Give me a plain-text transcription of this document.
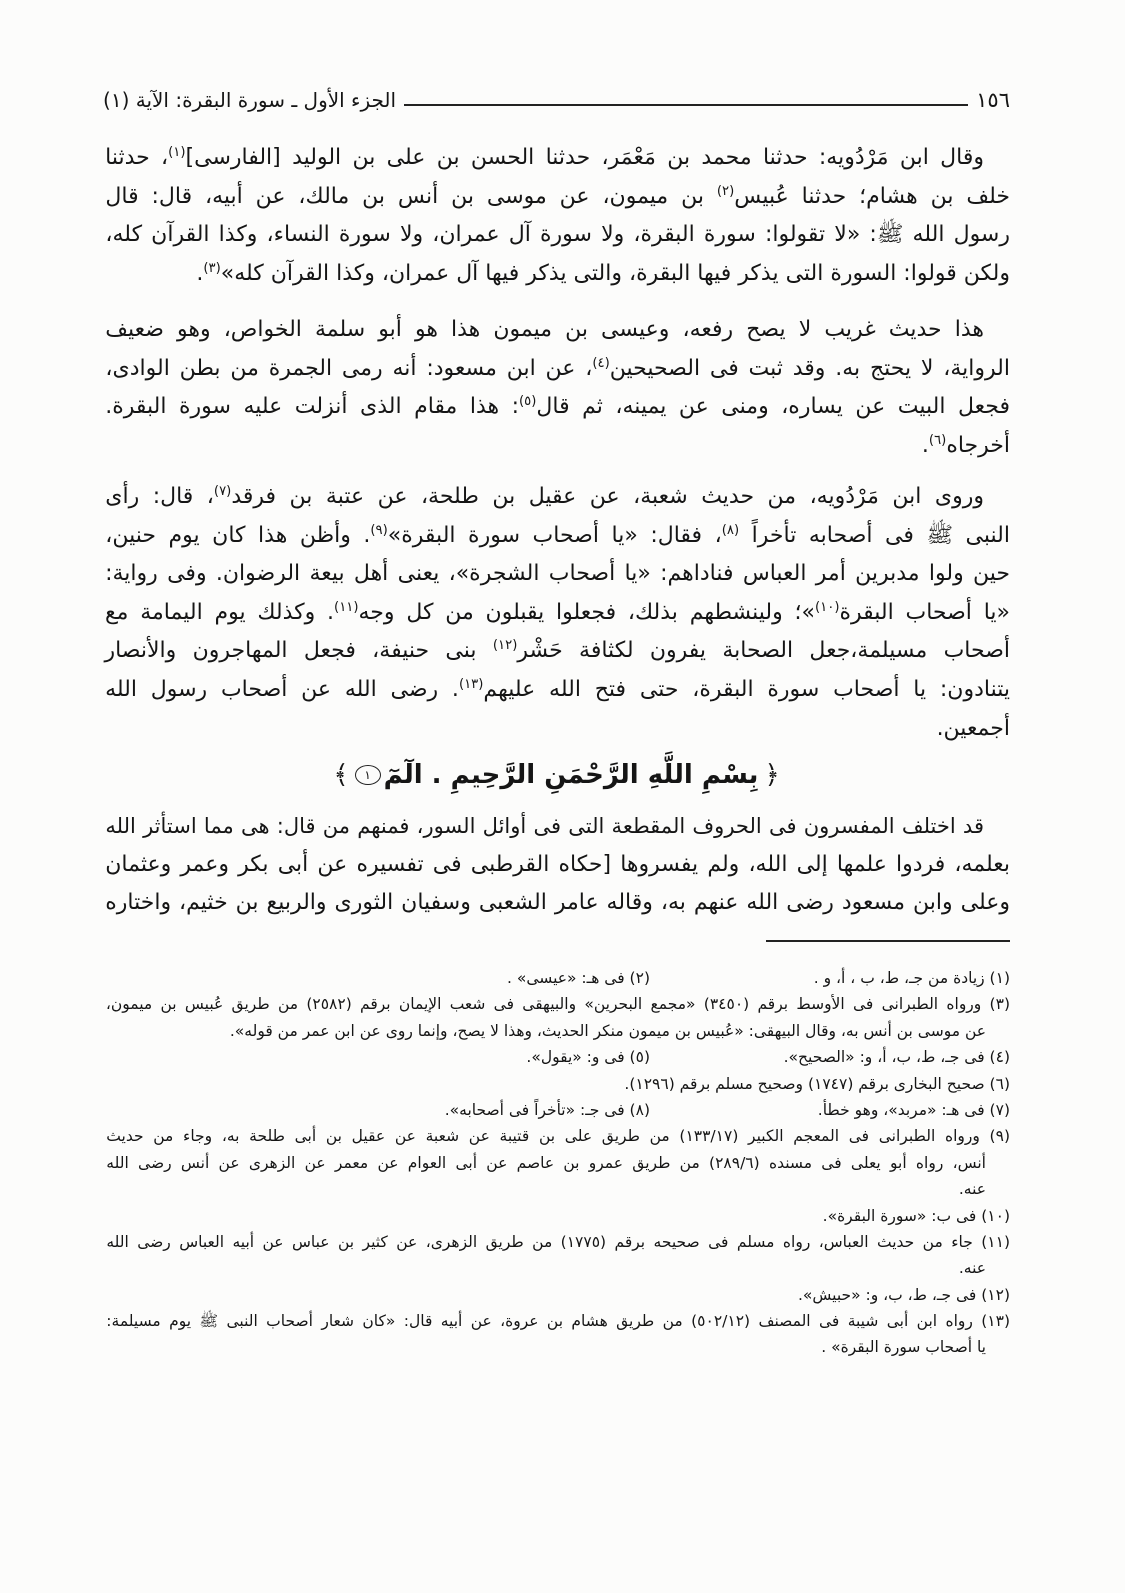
١٥٦
الجزء الأول ـ سورة البقرة: الآية (١)
وقال ابن مَرْدُويه: حدثنا محمد بن مَعْمَر، حدثنا الحسن بن على بن الوليد [الفارسى]$^{(١)}$، حدثنا
خلف بن هشام؛ حدثنا عُبيس$^{(٢)}$ بن ميمون، عن موسى بن أنس بن مالك، عن أبيه، قال: قال
رسول الله ﷺ: «لا تقولوا: سورة البقرة، ولا سورة آل عمران، ولا سورة النساء، وكذا القرآن كله،
ولكن قولوا: السورة التى يذكر فيها البقرة، والتى يذكر فيها آل عمران، وكذا القرآن كله»$^{(٣)}$.
هذا حديث غريب لا يصح رفعه، وعيسى بن ميمون هذا هو أبو سلمة الخواص، وهو ضعيف
الرواية، لا يحتج به. وقد ثبت فى الصحيحين$^{(٤)}$، عن ابن مسعود: أنه رمى الجمرة من بطن الوادى،
فجعل البيت عن يساره، ومنى عن يمينه، ثم قال$^{(٥)}$: هذا مقام الذى أنزلت عليه سورة البقرة.
أخرجاه$^{(٦)}$.
وروى ابن مَرْدُويه، من حديث شعبة، عن عقيل بن طلحة، عن عتبة بن فرقد$^{(٧)}$، قال: رأى
النبى ﷺ فى أصحابه تأخراً $^{(٨)}$، فقال: «يا أصحاب سورة البقرة»$^{(٩)}$. وأظن هذا كان يوم حنين،
حين ولوا مدبرين أمر العباس فناداهم: «يا أصحاب الشجرة»، يعنى أهل بيعة الرضوان. وفى رواية:
«يا أصحاب البقرة$^{(١٠)}$»؛ ولينشطهم بذلك، فجعلوا يقبلون من كل وجه$^{(١١)}$. وكذلك يوم اليمامة مع
أصحاب مسيلمة،جعل الصحابة يفرون لكثافة حَشْر$^{(١٢)}$ بنى حنيفة، فجعل المهاجرون والأنصار
يتنادون: يا أصحاب سورة البقرة، حتى فتح الله عليهم$^{(١٣)}$. رضى الله عن أصحاب رسول الله
أجمعين.
﴿
بِسْمِ اللَّهِ الرَّحْمَنِ الرَّحِيمِ . الٓمٓ
١
﴾
قد اختلف المفسرون فى الحروف المقطعة التى فى أوائل السور، فمنهم من قال: هى مما استأثر الله
بعلمه، فردوا علمها إلى الله، ولم يفسروها [حكاه القرطبى فى تفسيره عن أبى بكر وعمر وعثمان
وعلى وابن مسعود رضى الله عنهم به، وقاله عامر الشعبى وسفيان الثورى والربيع بن خثيم، واختاره
(١) زيادة من جـ، ط، ب ، أ، و .
(٢) فى هـ: «عيسى» .
(٣) ورواه الطبرانى فى الأوسط برقم (٣٤٥٠) «مجمع البحرين» والبيهقى فى شعب الإيمان برقم (٢٥٨٢) من طريق عُبيس بن ميمون،
عن موسى بن أنس به، وقال البيهقى: «عُبيس بن ميمون منكر الحديث، وهذا لا يصح، وإنما روى عن ابن عمر من قوله».
(٤) فى جـ، ط، ب، أ، و: «الصحيح».
(٥) فى و: «يقول».
(٦) صحيح البخارى برقم (١٧٤٧) وصحيح مسلم برقم (١٢٩٦).
(٧) فى هـ: «مربد»، وهو خطأ.
(٨) فى جـ: «تأخراً فى أصحابه».
(٩) ورواه الطبرانى فى المعجم الكبير (١٣٣/١٧) من طريق على بن قتيبة عن شعبة عن عقيل بن أبى طلحة به، وجاء من حديث
أنس، رواه أبو يعلى فى مسنده (٢٨٩/٦) من طريق عمرو بن عاصم عن أبى العوام عن معمر عن الزهرى عن أنس رضى الله
عنه.
(١٠) فى ب: «سورة البقرة».
(١١) جاء من حديث العباس، رواه مسلم فى صحيحه برقم (١٧٧٥) من طريق الزهرى، عن كثير بن عباس عن أبيه العباس رضى الله
عنه.
(١٢) فى جـ، ط، ب، و: «حبيش».
(١٣) رواه ابن أبى شيبة فى المصنف (٥٠٢/١٢) من طريق هشام بن عروة، عن أبيه قال: «كان شعار أصحاب النبى ﷺ يوم مسيلمة:
يا أصحاب سورة البقرة» .
